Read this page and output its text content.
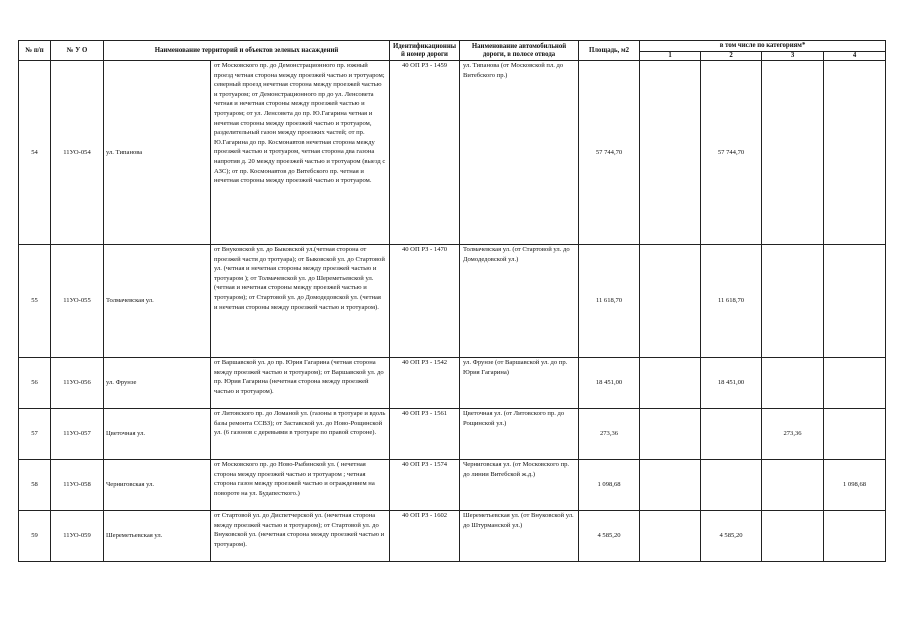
№ п/п	№ У О	Наименование территорий и объектов зеленых насаждений		Идентификационный номер дороги	Наименование автомобильной дороги, в полосе отвода	Площадь, м2	в том числе по категориям*			
							1	2	3	4
54	11УО-054	ул. Типанова	от Московского пр. до Демонстрационного пр. южный проезд четная сторона между проезжей частью и тротуаром; северный проезд нечетная сторона между проезжей частью и тротуаром; от Демонстрационного пр до ул. Ленсовета четная и нечетная стороны между проезжей частью и тротуаром; от ул. Ленсовета до пр. Ю.Гагарина четная и нечетная стороны между проезжей частью и тротуаром, разделительный газон между проезжих частей; от пр. Ю.Гагарина до пр. Космонавтов нечетная сторона между проезжей частью и тротуаром, четная сторона два газона напротив д. 20 между проезжей частью и тротуаром (выезд с АЗС); от пр. Космонавтов до Витебского пр. четная и нечетная стороны между проезжей частью и тротуаром.	40 ОП РЗ - 1459	ул. Типанова (от Московской пл. до Витебского пр.)	57 744,70		57 744,70		
55	11УО-055	Толмачевская ул.	от Внуковской ул. до Быковской ул.(четная сторона от проезжей части до тротуара); от Быковской ул. до Стартовой ул. (четная и нечетная стороны между проезжей частью и тротуаром ); от Толмачевской ул. до Шереметьевской ул. (четная и нечетная стороны между проезжей частью и тротуаром); от Стартовой ул. до Домодедовской ул. (четная и нечетная стороны между проезжей частью и тротуаром).	40 ОП РЗ - 1470	Толмачевская ул. (от Стартовой ул. до Домодедовской ул.)	11 618,70		11 618,70		
56	11УО-056	ул. Фрунзе	от Варшавской ул. до пр. Юрия Гагарина (четная сторона между проезжей частью и тротуаром); от Варшавской ул. до пр. Юрия Гагарина (нечетная сторона между проезжей частью и тротуаром).	40 ОП РЗ - 1542	ул. Фрунзе (от Варшавской ул. до пр. Юрия Гагарина)	18 451,00		18 451,00		
57	11УО-057	Цветочная ул.	от Литовского пр. до Ломаной ул. (газоны в тротуаре и вдоль базы ремонта ССВЗ); от Заставской ул. до Ново-Рощинской ул. (6 газонов с деревьями в тротуаре по правой стороне).	40 ОП РЗ - 1561	Цветочная ул. (от Литовского пр. до Рощинской ул.)	273,36			273,36	
58	11УО-058	Черниговская ул.	от Московского пр. до Ново-Рыбинской ул. ( нечетная сторона между проезжей частью и тротуаром ; четная сторона газон между проезжей частью и ограждением на повороте на ул. Будапесткого.)	40 ОП РЗ - 1574	Черниговская ул. (от Московского пр. до линии Витебской ж.д.)	1 098,68				1 098,68
59	11УО-059	Шереметьевская ул.	от Стартовой ул. до Диспетчерской ул. (нечетная сторона между проезжей частью и тротуаром); от Стартовой ул. до Внуковской ул. (нечетная сторона между проезжей частью и тротуаром).	40 ОП РЗ - 1602	Шереметьевская ул. (от Внуковской ул. до Штурманской ул.)	4 585,20		4 585,20		
